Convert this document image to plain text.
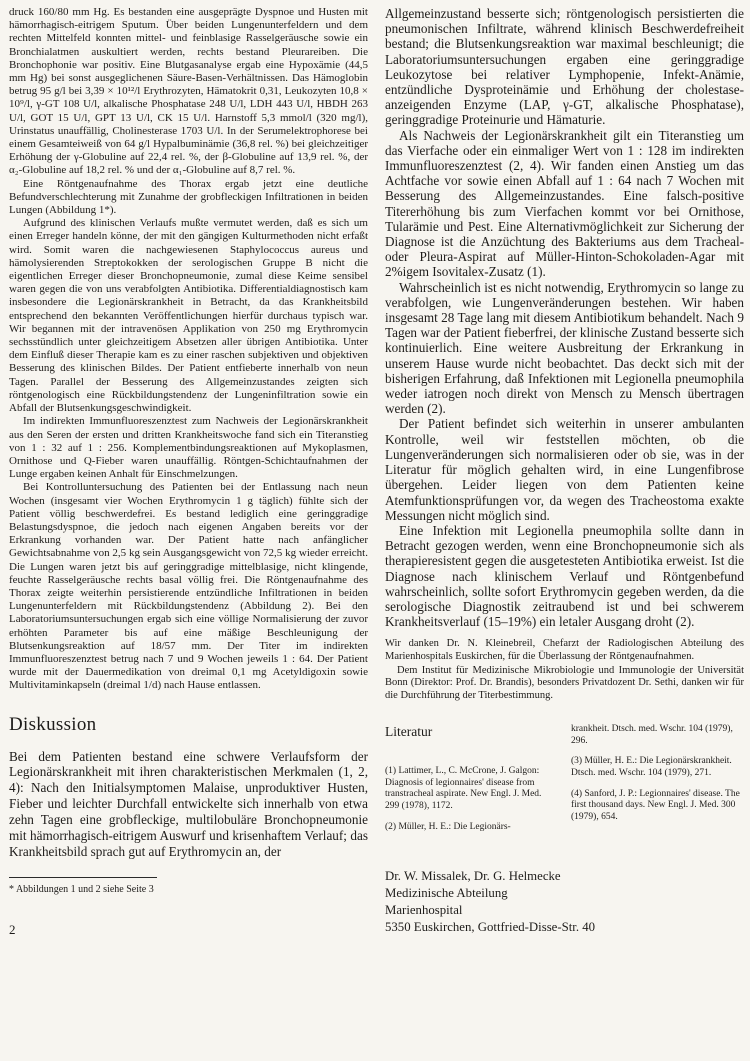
druck 160/80 mm Hg. Es bestanden eine ausgeprägte Dyspnoe und Husten mit hämorrhagisch-eitrigem Sputum. Über beiden Lungenunterfeldern und dem rechten Mittelfeld konnten mittel- und feinblasige Rasselgeräusche sowie ein Bronchialatmen auskultiert werden, rechts bestand Pleurareiben. Die Bronchophonie war positiv. Eine Blutgasanalyse ergab eine Hypoxämie (44,5 mm Hg) bei sonst ausgeglichenen Säure-Basen-Verhältnissen. Das Hämoglobin betrug 95 g/l bei 3,39 × 10¹²/l Erythrozyten, Hämatokrit 0,31, Leukozyten 10,8 × 10⁹/l, γ-GT 108 U/l, alkalische Phosphatase 248 U/l, LDH 443 U/l, HBDH 263 U/l, GOT 15 U/l, GPT 13 U/l, CK 15 U/l. Harnstoff 5,3 mmol/l (320 mg/l), Urinstatus unauffällig, Cholinesterase 1703 U/l. In der Serumelektrophorese bei einem Gesamteiweiß von 64 g/l Hypalbuminämie (36,8 rel. %) bei gleichzeitiger Erhöhung der γ-Globuline auf 22,4 rel. %, der β-Globuline auf 13,9 rel. %, der α₂-Globuline auf 18,2 rel. % und der α₁-Globuline auf 8,7 rel. %.

Eine Röntgenaufnahme des Thorax ergab jetzt eine deutliche Befundverschlechterung mit Zunahme der grobfleckigen Infiltrationen in beiden Lungen (Abbildung 1*).

Aufgrund des klinischen Verlaufs mußte vermutet werden, daß es sich um einen Erreger handeln könne, der mit den gängigen Kulturmethoden nicht erfaßt wird. Somit waren die nachgewiesenen Staphylococcus aureus und hämolysierenden Streptokokken der serologischen Gruppe B nicht die eigentlichen Erreger dieser Bronchopneumonie, zumal diese Keime sensibel waren gegen die von uns verabfolgten Antibiotika. Differentialdiagnostisch kam insbesondere die Legionärskrankheit in Betracht, da das Krankheitsbild entsprechend den bekannten Veröffentlichungen hierfür durchaus typisch war. Wir begannen mit der intravenösen Applikation von 250 mg Erythromycin sechsstündlich unter gleichzeitigem Absetzen aller übrigen Antibiotika. Unter dem Einfluß dieser Therapie kam es zu einer raschen subjektiven und objektiven Besserung des klinischen Bildes. Der Patient entfieberte innerhalb von neun Tagen. Parallel der Besserung des Allgemeinzustandes zeigten sich röntgenologisch eine Rückbildungstendenz der Lungeninfiltration sowie ein Abfall der Blutsenkungsgeschwindigkeit.

Im indirekten Immunfluoreszenztest zum Nachweis der Legionärskrankheit aus den Seren der ersten und dritten Krankheitswoche fand sich ein Titeranstieg von 1 : 32 auf 1 : 256. Komplementbindungsreaktionen auf Mykoplasmen, Ornithose und Q-Fieber waren unauffällig. Röntgen-Schichtaufnahmen der Lunge ergaben keinen Anhalt für Einschmelzungen.

Bei Kontrolluntersuchung des Patienten bei der Entlassung nach neun Wochen (insgesamt vier Wochen Erythromycin 1 g täglich) fühlte sich der Patient völlig beschwerdefrei. Es bestand lediglich eine geringgradige Belastungsdyspnoe, die jedoch nach eigenen Angaben bereits vor der Erkrankung vorhanden war. Der Patient hatte nach anfänglicher Gewichtsabnahme von 2,5 kg sein Ausgangsgewicht von 72,5 kg wieder erreicht. Die Lungen waren jetzt bis auf geringgradige mittelblasige, nicht klingende, feuchte Rasselgeräusche rechts basal völlig frei. Die Röntgenaufnahme des Thorax zeigte weiterhin persistierende entzündliche Infiltrationen in beiden Lungenunterfeldern mit Rückbildungstendenz (Abbildung 2). Bei den Laboratoriumsuntersuchungen ergab sich eine völlige Normalisierung der zuvor erhöhten Parameter bis auf eine mäßige Beschleunigung der Blutsenkungsreaktion auf 18/57 mm. Der Titer im indirekten Immunfluoreszenztest betrug nach 7 und 9 Wochen jeweils 1 : 64. Der Patient wurde mit der Dauermedikation von dreimal 0,1 mg Acetyldigoxin sowie Multivitaminkapseln (dreimal 1/d) nach Hause entlassen.

Diskussion

Bei dem Patienten bestand eine schwere Verlaufsform der Legionärskrankheit mit ihren charakteristischen Merkmalen (1, 2, 4): Nach den Initialsymptomen Malaise, unproduktiver Husten, Fieber und leichter Durchfall entwickelte sich innerhalb von etwa zehn Tagen eine grobfleckige, multilobuläre Bronchopneumonie mit hämorrhagisch-eitrigem Auswurf und krisenhaftem Verlauf; das Krankheitsbild sprach gut auf Erythromycin an, der

* Abbildungen 1 und 2 siehe Seite 3

2

Allgemeinzustand besserte sich; röntgenologisch persistierten die pneumonischen Infiltrate, während klinisch Beschwerdefreiheit bestand; die Blutsenkungsreaktion war maximal beschleunigt; die Laboratoriumsuntersuchungen ergaben eine geringgradige Leukozytose bei relativer Lymphopenie, Infekt-Anämie, entzündliche Dysproteinämie und Erhöhung der cholestase-anzeigenden Enzyme (LAP, γ-GT, alkalische Phosphatase), geringgradige Proteinurie und Hämaturie.

Als Nachweis der Legionärskrankheit gilt ein Titeranstieg um das Vierfache oder ein einmaliger Wert von 1 : 128 im indirekten Immunfluoreszenztest (2, 4). Wir fanden einen Anstieg um das Achtfache vor sowie einen Abfall auf 1 : 64 nach 7 Wochen mit Besserung des Allgemeinzustandes. Eine falsch-positive Titererhöhung bis zum Vierfachen kommt vor bei Ornithose, Tularämie und Pest. Eine Alternativmöglichkeit zur Sicherung der Diagnose ist die Anzüchtung des Bakteriums aus dem Tracheal- oder Pleura-Aspirat auf Müller-Hinton-Schokoladen-Agar mit 2%igem Isovitalex-Zusatz (1).

Wahrscheinlich ist es nicht notwendig, Erythromycin so lange zu verabfolgen, wie Lungenveränderungen bestehen. Wir haben insgesamt 28 Tage lang mit diesem Antibiotikum behandelt. Nach 9 Tagen war der Patient fieberfrei, der klinische Zustand besserte sich kontinuierlich. Eine weitere Ausbreitung der Erkrankung in unserem Hause wurde nicht beobachtet. Das deckt sich mit der bisherigen Erfahrung, daß Infektionen mit Legionella pneumophila weder iatrogen noch direkt von Mensch zu Mensch übertragen werden (2).

Der Patient befindet sich weiterhin in unserer ambulanten Kontrolle, weil wir feststellen möchten, ob die Lungenveränderungen sich normalisieren oder ob sie, was in der Literatur für möglich gehalten wird, in eine Lungenfibrose übergehen. Leider liegen von dem Patienten keine Atemfunktionsprüfungen vor, da wegen des Tracheostoma exakte Messungen nicht möglich sind.

Eine Infektion mit Legionella pneumophila sollte dann in Betracht gezogen werden, wenn eine Bronchopneumonie sich als therapieresistent gegen die ausgetesteten Antibiotika erweist. Ist die Diagnose nach klinischem Verlauf und Röntgenbefund wahrscheinlich, sollte sofort Erythromycin gegeben werden, da die serologische Diagnostik zeitraubend ist und bei schwerem Krankheitsverlauf (15–19%) ein letaler Ausgang droht (2).

Wir danken Dr. N. Kleinebreil, Chefarzt der Radiologischen Abteilung des Marienhospitals Euskirchen, für die Überlassung der Röntgenaufnahmen.

Dem Institut für Medizinische Mikrobiologie und Immunologie der Universität Bonn (Direktor: Prof. Dr. Brandis), besonders Privatdozent Dr. Sethi, danken wir für die Durchführung der Titerbestimmung.

Literatur

(1) Lattimer, L., C. McCrone, J. Galgon: Diagnosis of legionnaires' disease from transtracheal aspirate. New Engl. J. Med. 299 (1978), 1172.

(2) Müller, H. E.: Die Legionärs-

krankheit. Dtsch. med. Wschr. 104 (1979), 296.

(3) Müller, H. E.: Die Legionärskrankheit. Dtsch. med. Wschr. 104 (1979), 271.

(4) Sanford, J. P.: Legionnaires' disease. The first thousand days. New Engl. J. Med. 300 (1979), 654.

Dr. W. Missalek, Dr. G. Helmecke

Medizinische Abteilung

Marienhospital

5350 Euskirchen, Gottfried-Disse-Str. 40
